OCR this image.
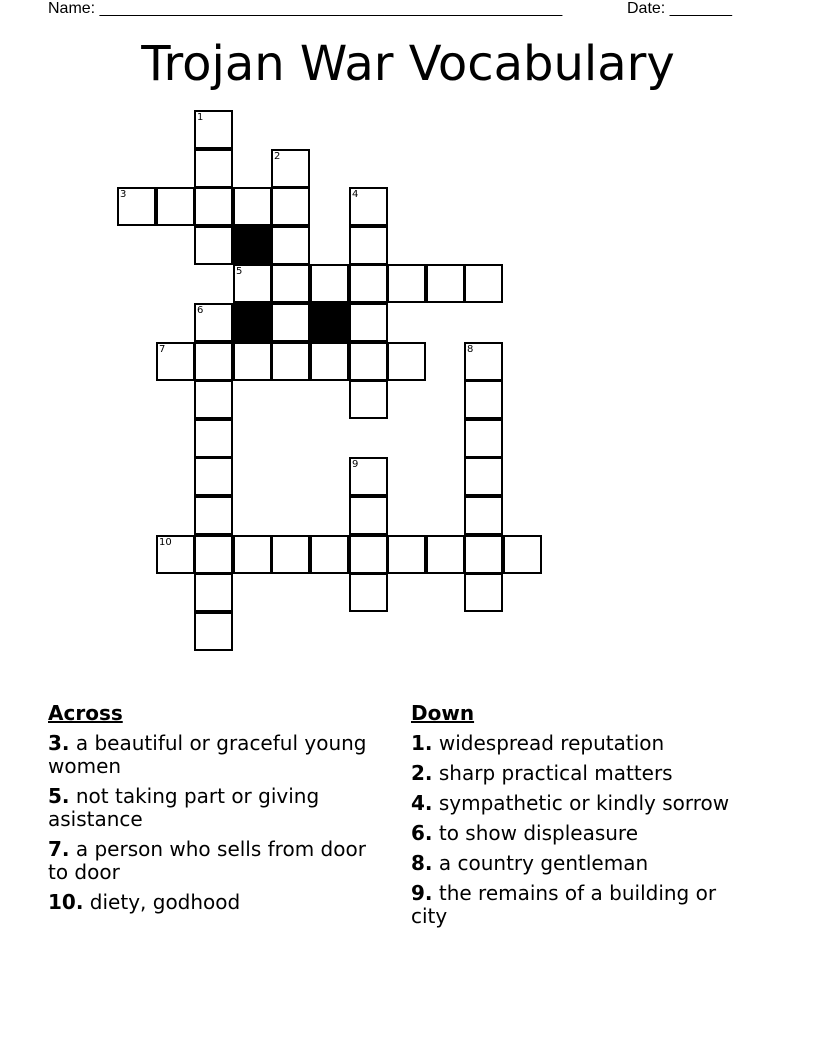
Name: ____________________________________________________	Date: _______
Trojan War Vocabulary
1
2
3	4
5
6
7	8
9
10
Across
3. a beautiful or graceful young women
5. not taking part or giving asistance
7. a person who sells from door to door
10. diety, godhood
Down
1. widespread reputation
2. sharp practical matters
4. sympathetic or kindly sorrow
6. to show displeasure
8. a country gentleman
9. the remains of a building or city
